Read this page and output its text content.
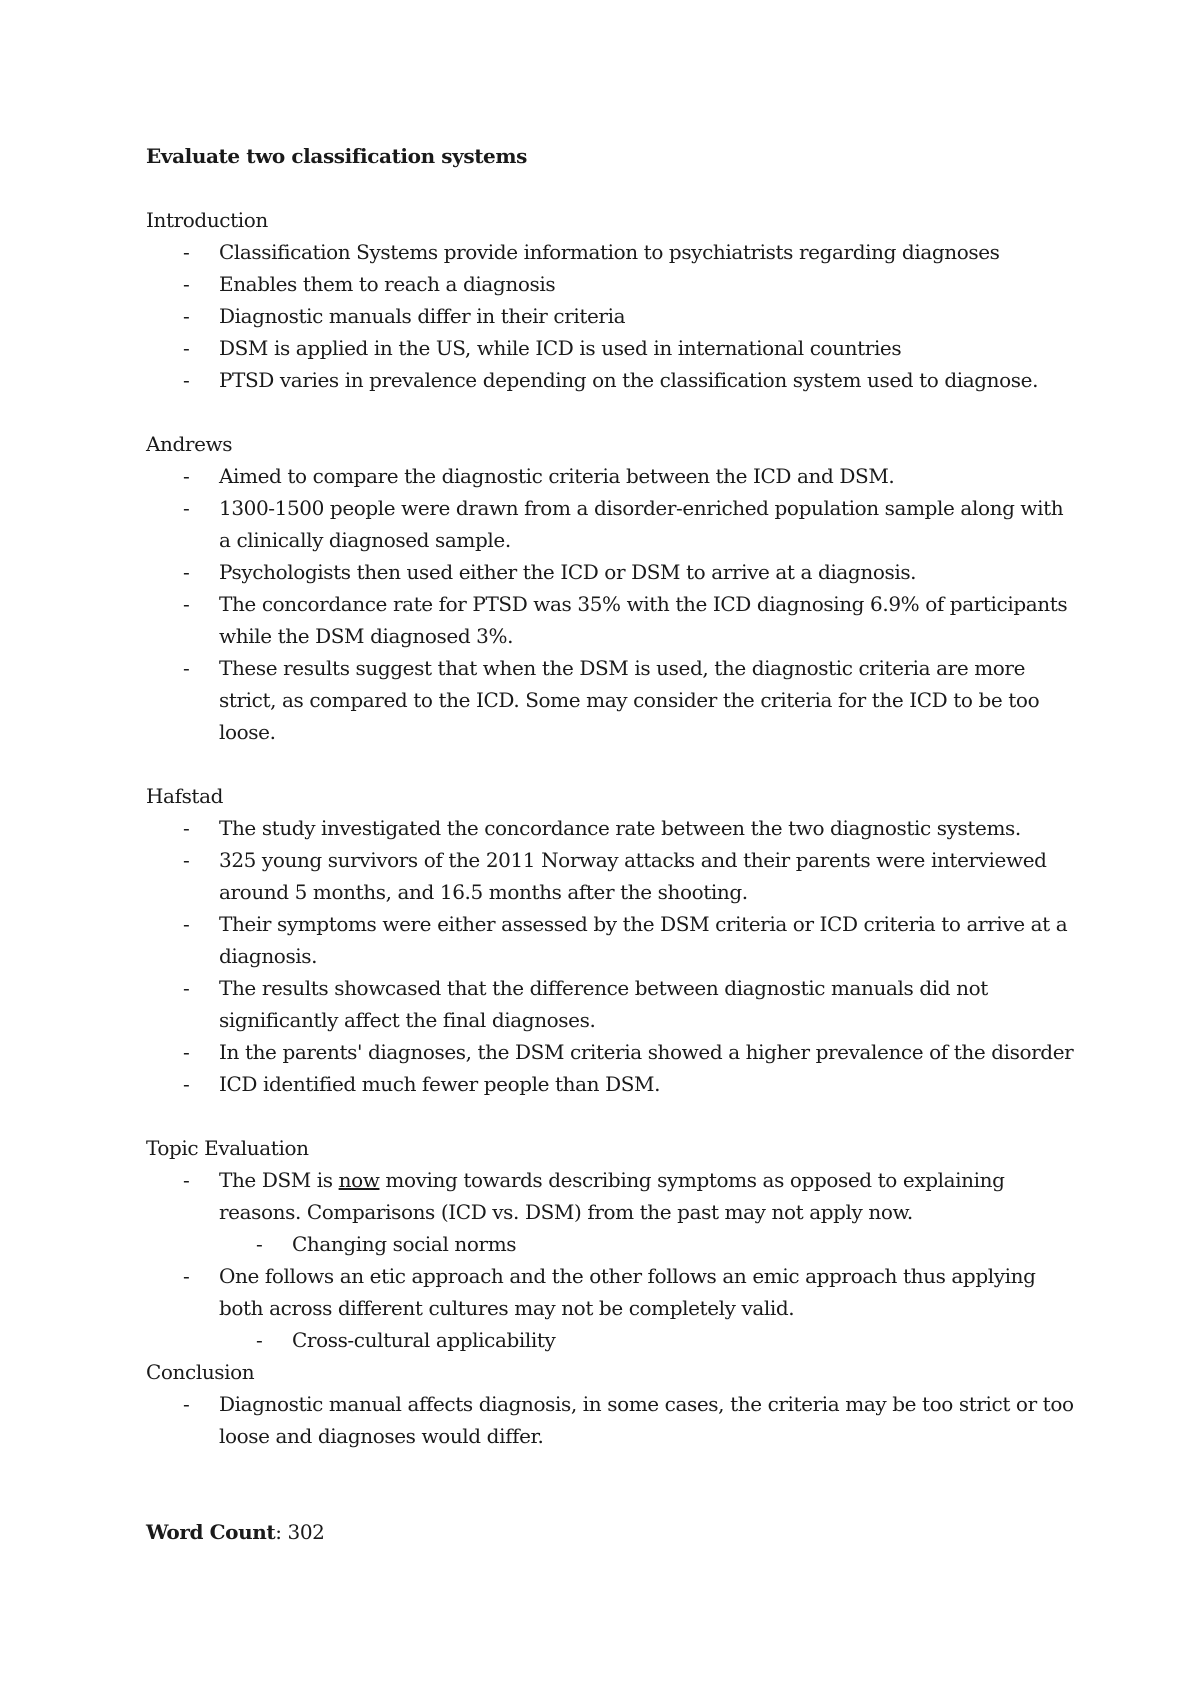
Evaluate two classification systems
Introduction
- Classification Systems provide information to psychiatrists regarding diagnoses
- Enables them to reach a diagnosis
- Diagnostic manuals differ in their criteria
- DSM is applied in the US, while ICD is used in international countries
- PTSD varies in prevalence depending on the classification system used to diagnose.
Andrews
- Aimed to compare the diagnostic criteria between the ICD and DSM.
- 1300-1500 people were drawn from a disorder-enriched population sample along with a clinically diagnosed sample.
- Psychologists then used either the ICD or DSM to arrive at a diagnosis.
- The concordance rate for PTSD was 35% with the ICD diagnosing 6.9% of participants while the DSM diagnosed 3%.
- These results suggest that when the DSM is used, the diagnostic criteria are more strict, as compared to the ICD. Some may consider the criteria for the ICD to be too loose.
Hafstad
- The study investigated the concordance rate between the two diagnostic systems.
- 325 young survivors of the 2011 Norway attacks and their parents were interviewed around 5 months, and 16.5 months after the shooting.
- Their symptoms were either assessed by the DSM criteria or ICD criteria to arrive at a diagnosis.
- The results showcased that the difference between diagnostic manuals did not significantly affect the final diagnoses.
- In the parents' diagnoses, the DSM criteria showed a higher prevalence of the disorder
- ICD identified much fewer people than DSM.
Topic Evaluation
- The DSM is now moving towards describing symptoms as opposed to explaining reasons. Comparisons (ICD vs. DSM) from the past may not apply now.
- Changing social norms
- One follows an etic approach and the other follows an emic approach thus applying both across different cultures may not be completely valid.
- Cross-cultural applicability
Conclusion
- Diagnostic manual affects diagnosis, in some cases, the criteria may be too strict or too loose and diagnoses would differ.
Word Count: 302
